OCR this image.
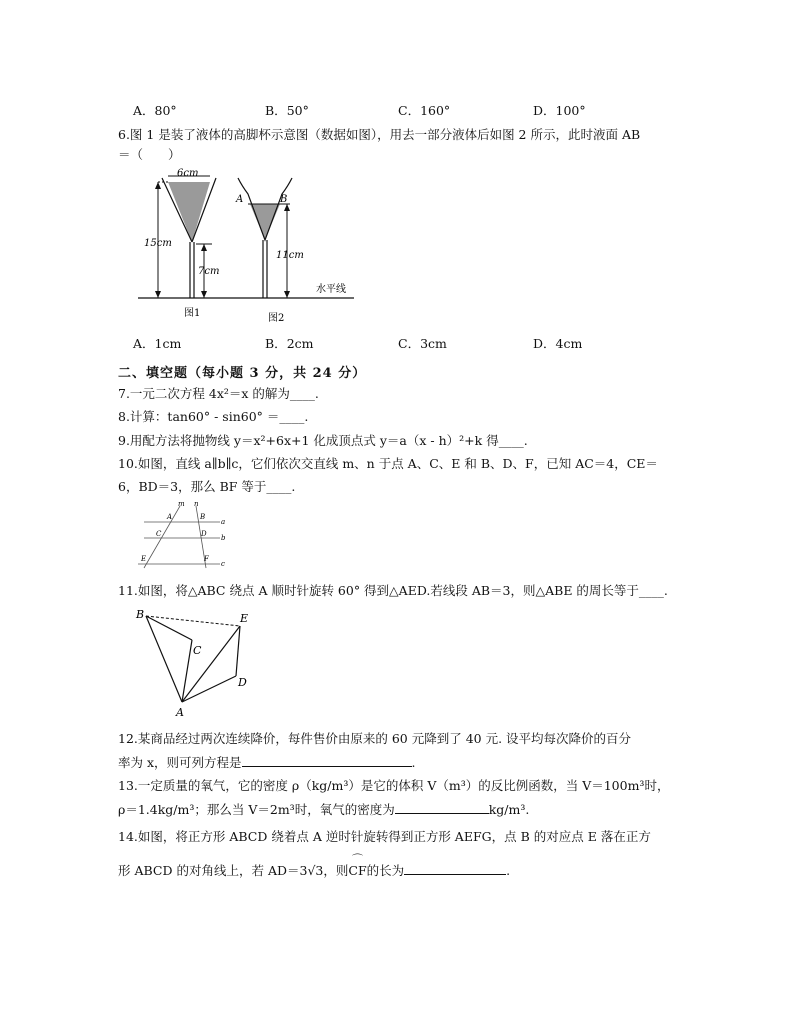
A．80°	B．50°	C．160°	D．100°
6.图 1 是装了液体的高脚杯示意图（数据如图），用去一部分液体后如图 2 所示，此时液面 AB
＝（　　）
6cm
15cm
7cm
A	B
11cm
水平线
图1	图2
A．1cm	B．2cm	C．3cm	D．4cm
二、填空题（每小题 3 分，共 24 分）
7.一元二次方程 4x²＝x 的解为____.
8.计算：tan60° - sin60° ＝____.
9.用配方法将抛物线 y＝x²+6x+1 化成顶点式 y＝a（x - h）²+k 得____.
10.如图，直线 a∥b∥c，它们依次交直线 m、n 于点 A、C、E 和 B、D、F，已知 AC＝4，CE＝
6，BD＝3，那么 BF 等于____.
m n
A	B
C	D
E	F
a
b
c
11.如图，将△ABC 绕点 A 顺时针旋转 60° 得到△AED.若线段 AB＝3，则△ABE 的周长等于____.
B	E
C
D
A
12.某商品经过两次连续降价，每件售价由原来的 60 元降到了 40 元. 设平均每次降价的百分
率为 x，则可列方程是	.
13.一定质量的氧气，它的密度 ρ（kg/m³）是它的体积 V（m³）的反比例函数，当 V＝100m³时，
ρ＝1.4kg/m³；那么当 V＝2m³时，氧气的密度为	kg/m³.
14.如图，将正方形 ABCD 绕着点 A 逆时针旋转得到正方形 AEFG，点 B 的对应点 E 落在正方
形 ABCD 的对角线上，若 AD＝3√3，则
⌒
CF的长为	.
